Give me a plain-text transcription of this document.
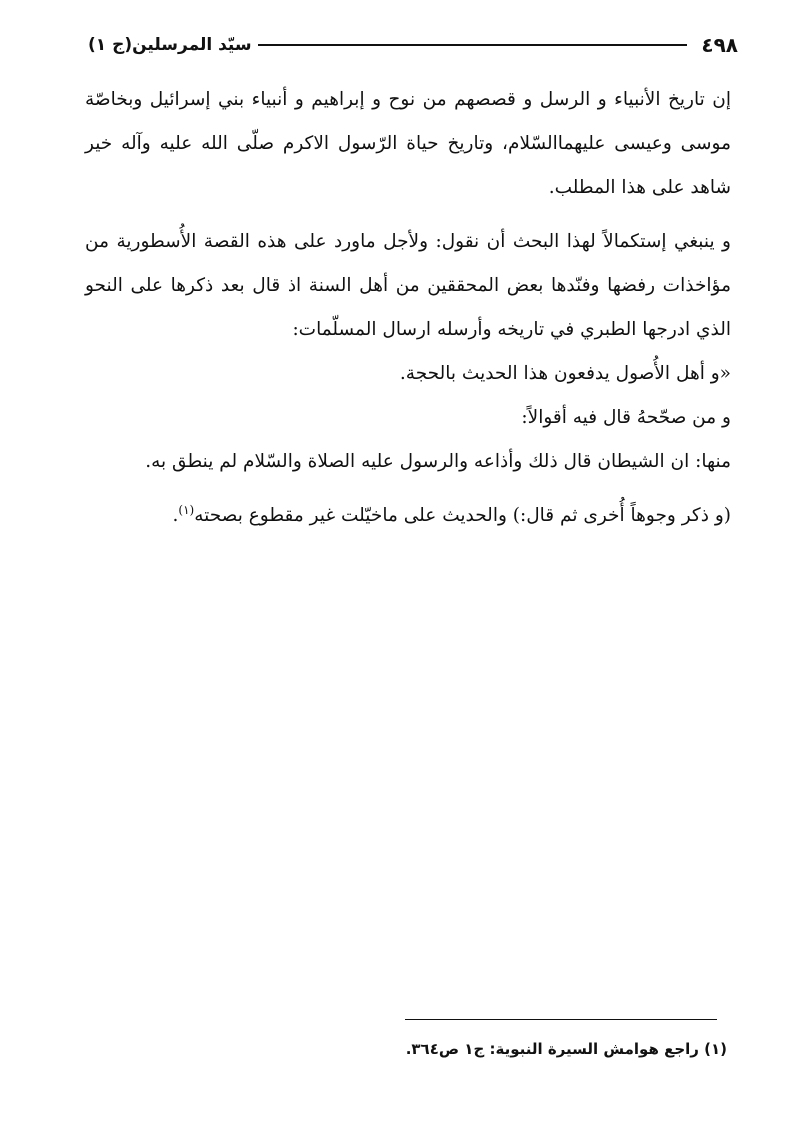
٤٩٨
سيّد المرسلين(ج ١)

إن تاريخ الأنبياء و الرسل و قصصهم من نوح و إبراهيم و أنبياء بني إسرائيل وبخاصّة موسى وعيسى عليهماالسّلام، وتاريخ حياة الرّسول الاكرم صلّى الله عليه وآله خير شاهد على هذا المطلب.

و ينبغي إستكمالاً لهذا البحث أن نقول: ولأجل ماورد على هذه القصة الأُسطورية من مؤاخذات رفضها وفنّدها بعض المحققين من أهل السنة اذ قال بعد ذكرها على النحو الذي ادرجها الطبري في تاريخه وأرسله ارسال المسلّمات:

«و أهل الأُصول يدفعون هذا الحديث بالحجة.

و من صحّحهُ قال فيه أقوالاً:

منها: ان الشيطان قال ذلك وأذاعه والرسول عليه الصلاة والسّلام لم ينطق به.

(و ذكر وجوهاً أُخرى ثم قال:) والحديث على ماخيّلت غير مقطوع بصحته$^{(١)}$.

(١) راجع هوامش السيرة النبوية: ج١ ص٣٦٤.
